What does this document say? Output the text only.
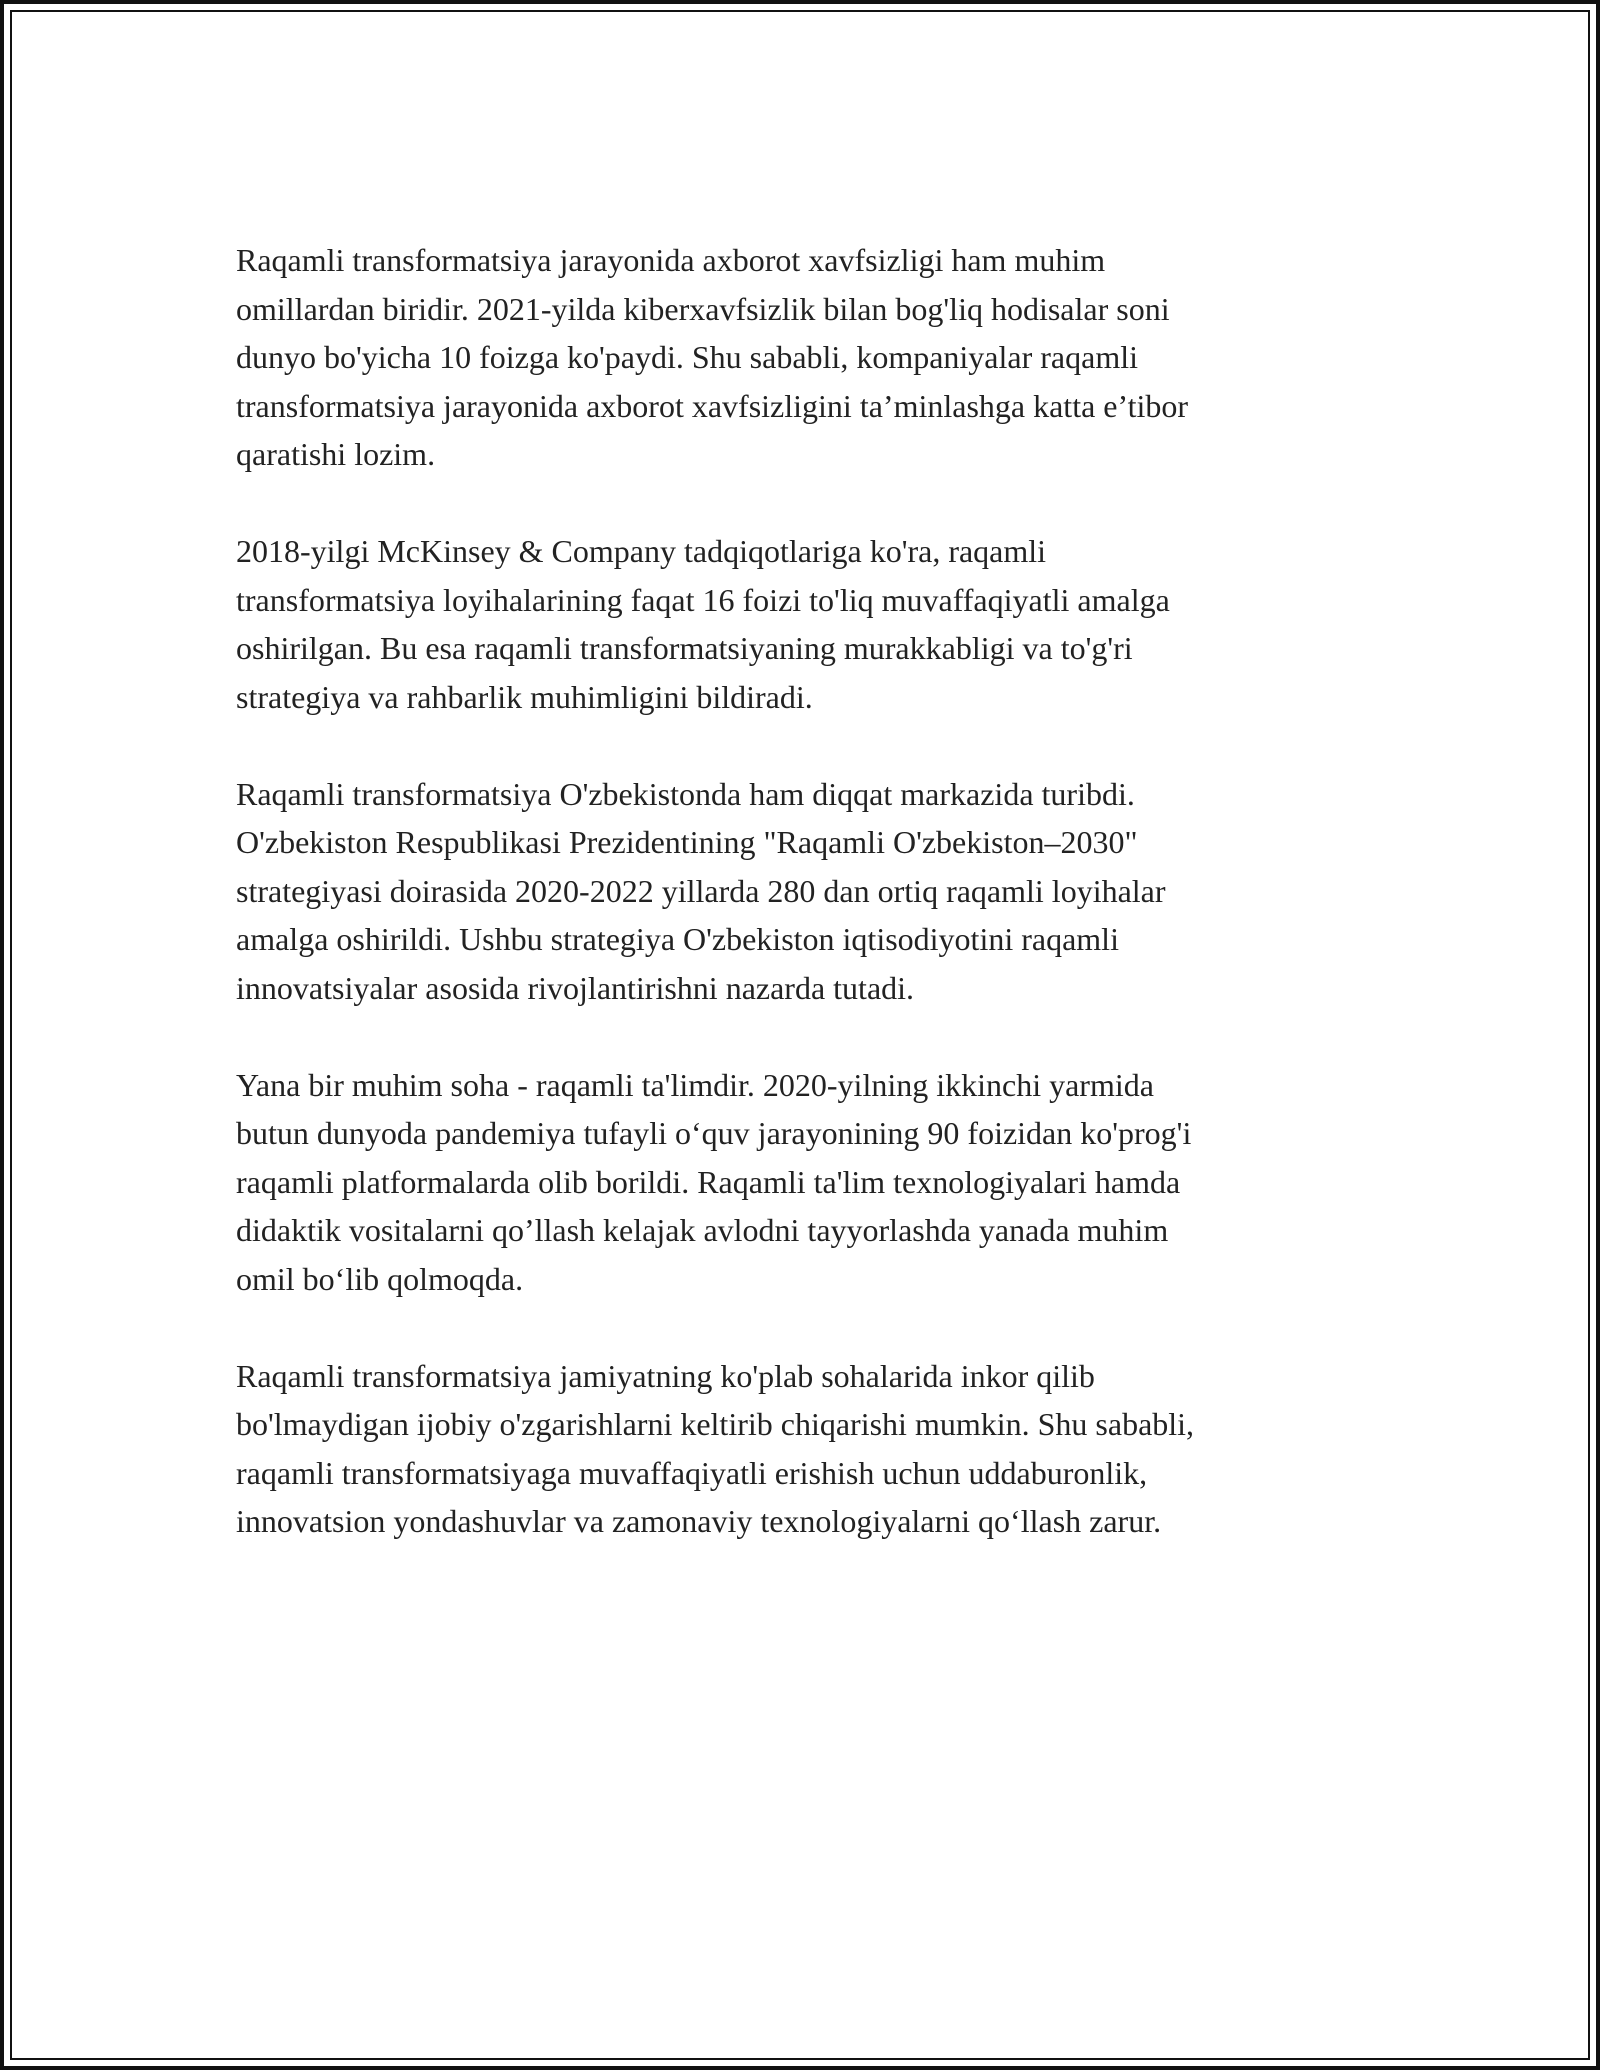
Raqamli transformatsiya jarayonida axborot xavfsizligi ham muhim
omillardan biridir. 2021-yilda kiberxavfsizlik bilan bog'liq hodisalar soni
dunyo bo'yicha 10 foizga ko'paydi. Shu sababli, kompaniyalar raqamli
transformatsiya jarayonida axborot xavfsizligini ta’minlashga katta e’tibor
qaratishi lozim.

2018-yilgi McKinsey & Company tadqiqotlariga ko'ra, raqamli
transformatsiya loyihalarining faqat 16 foizi to'liq muvaffaqiyatli amalga
oshirilgan. Bu esa raqamli transformatsiyaning murakkabligi va to'g'ri
strategiya va rahbarlik muhimligini bildiradi.

Raqamli transformatsiya O'zbekistonda ham diqqat markazida turibdi.
O'zbekiston Respublikasi Prezidentining "Raqamli O'zbekiston–2030"
strategiyasi doirasida 2020-2022 yillarda 280 dan ortiq raqamli loyihalar
amalga oshirildi. Ushbu strategiya O'zbekiston iqtisodiyotini raqamli
innovatsiyalar asosida rivojlantirishni nazarda tutadi.

Yana bir muhim soha - raqamli ta'limdir. 2020-yilning ikkinchi yarmida
butun dunyoda pandemiya tufayli o‘quv jarayonining 90 foizidan ko'prog'i
raqamli platformalarda olib borildi. Raqamli ta'lim texnologiyalari hamda
didaktik vositalarni qo’llash kelajak avlodni tayyorlashda yanada muhim
omil bo‘lib qolmoqda.

Raqamli transformatsiya jamiyatning ko'plab sohalarida inkor qilib
bo'lmaydigan ijobiy o'zgarishlarni keltirib chiqarishi mumkin. Shu sababli,
raqamli transformatsiyaga muvaffaqiyatli erishish uchun uddaburonlik,
innovatsion yondashuvlar va zamonaviy texnologiyalarni qo‘llash zarur.
